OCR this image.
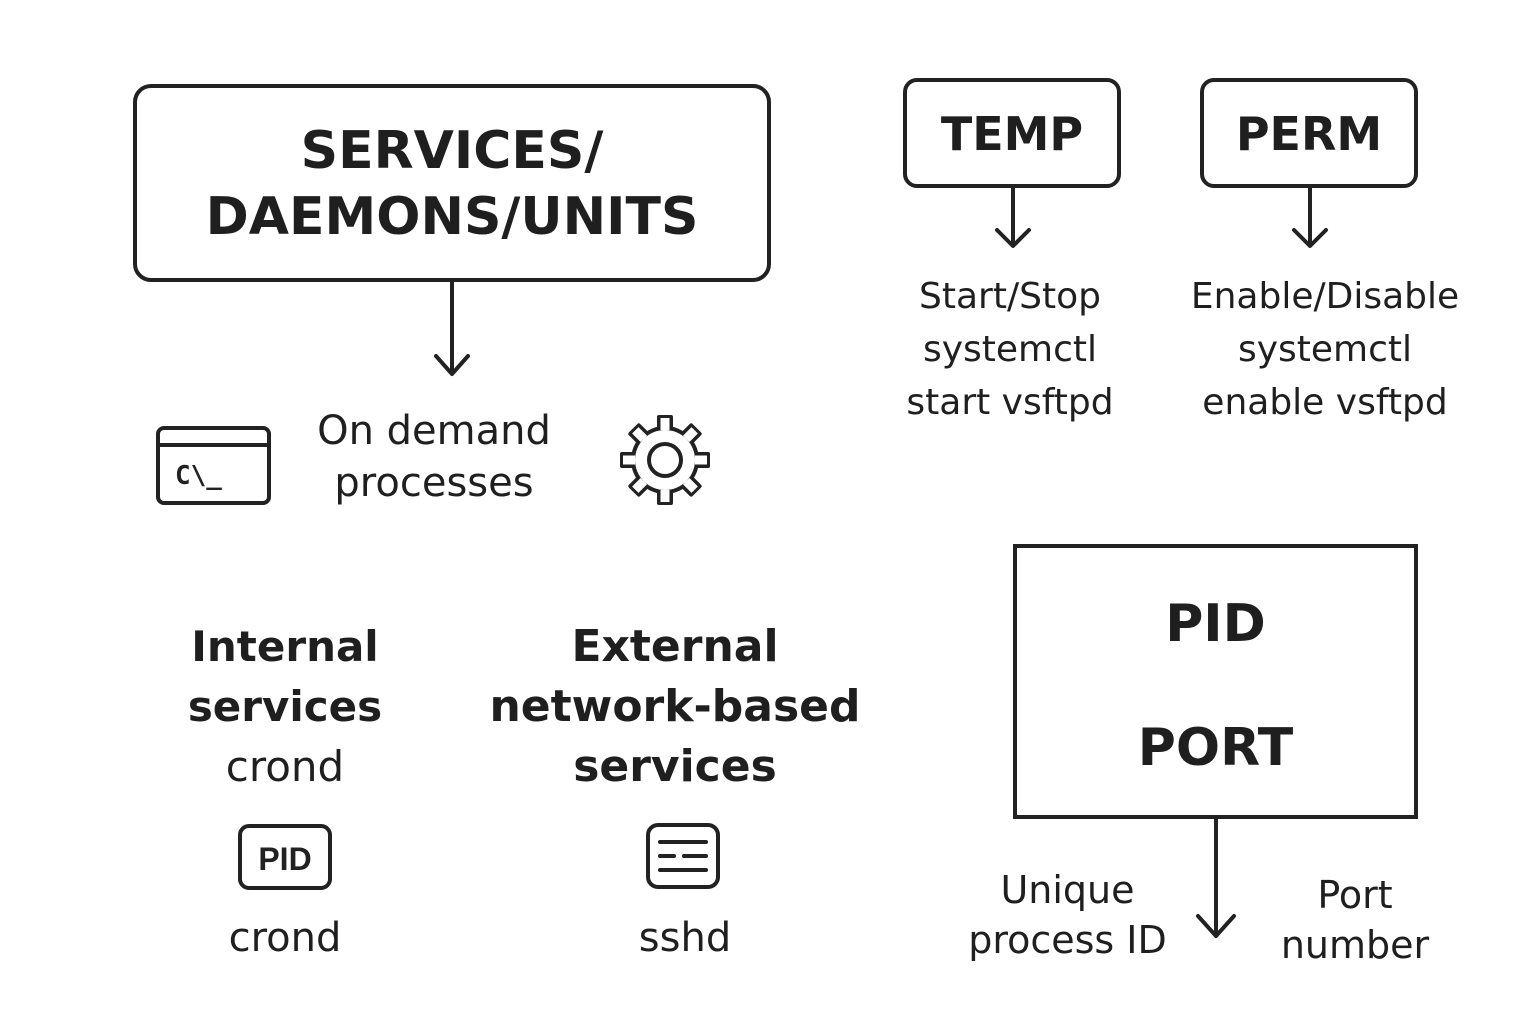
C\_
PID
SERVICES/
DAEMONS/UNITS
On demand
processes
TEMP
Start/Stop
systemctl
start vsftpd
PERM
Enable/Disable
systemctl
enable vsftpd
Internal
services
crond
crond
External
network-based
services
sshd
PID
PORT
Unique
process ID
Port
number
